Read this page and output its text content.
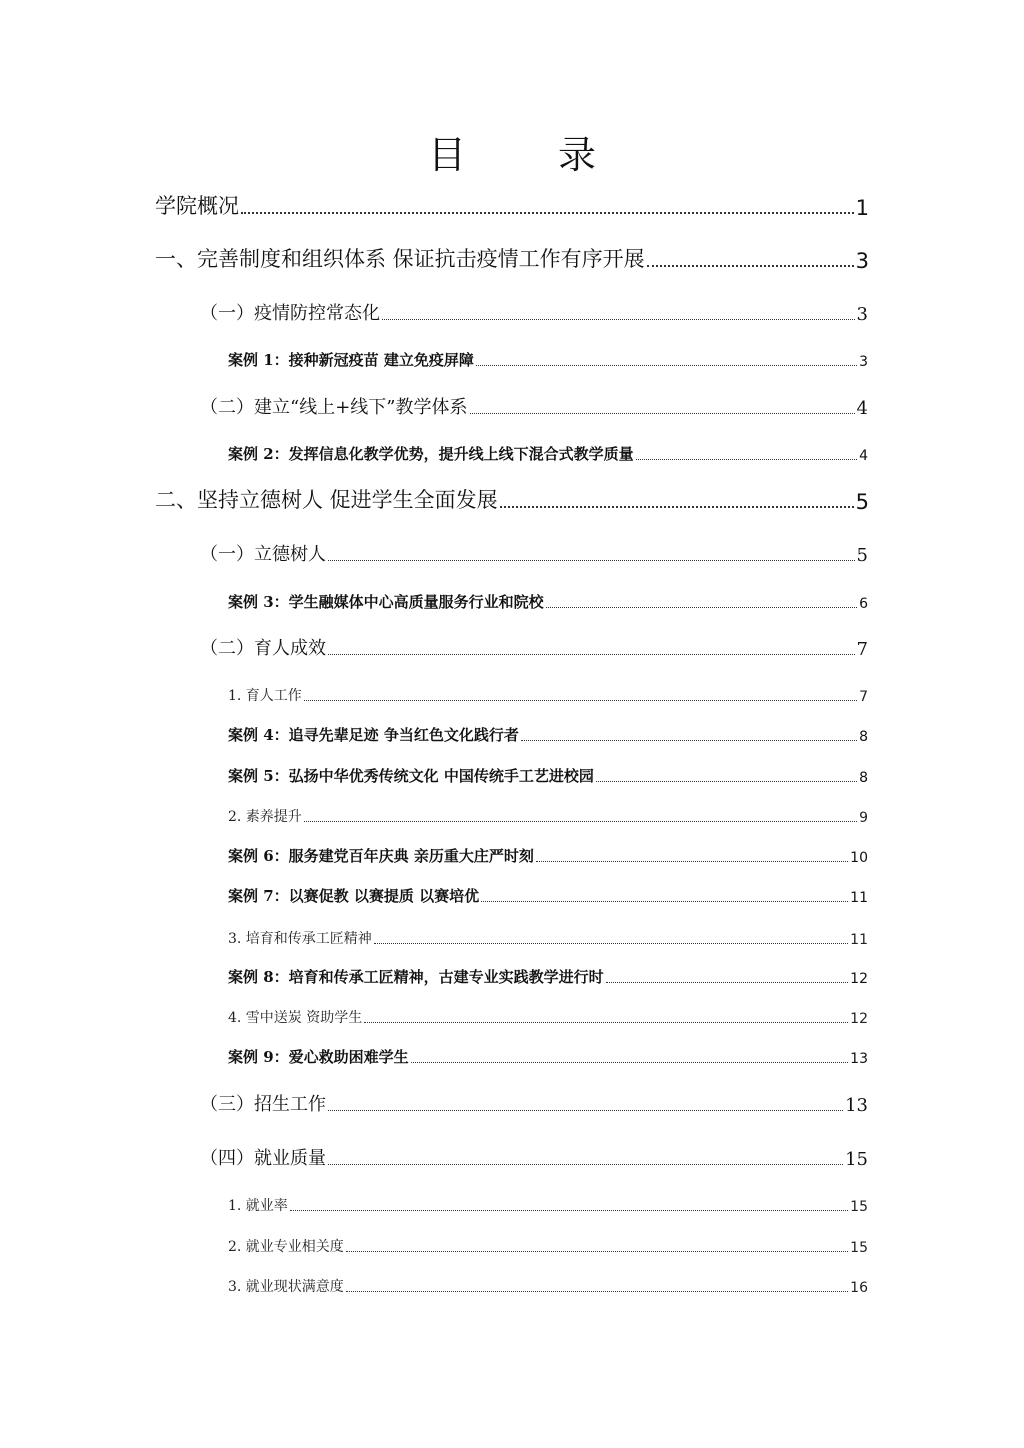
目 录
学院概况	1
一、完善制度和组织体系 保证抗击疫情工作有序开展	3
（一）疫情防控常态化	3
案例 1：接种新冠疫苗 建立免疫屏障	3
（二）建立“线上+线下”教学体系	4
案例 2：发挥信息化教学优势，提升线上线下混合式教学质量	4
二、坚持立德树人 促进学生全面发展	5
（一）立德树人	5
案例 3：学生融媒体中心高质量服务行业和院校	6
（二）育人成效	7
1. 育人工作	7
案例 4：追寻先辈足迹 争当红色文化践行者	8
案例 5：弘扬中华优秀传统文化 中国传统手工艺进校园	8
2. 素养提升	9
案例 6：服务建党百年庆典 亲历重大庄严时刻	10
案例 7：以赛促教 以赛提质 以赛培优	11
3. 培育和传承工匠精神	11
案例 8：培育和传承工匠精神，古建专业实践教学进行时	12
4. 雪中送炭 资助学生	12
案例 9：爱心救助困难学生	13
（三）招生工作	13
（四）就业质量	15
1. 就业率	15
2. 就业专业相关度	15
3. 就业现状满意度	16
